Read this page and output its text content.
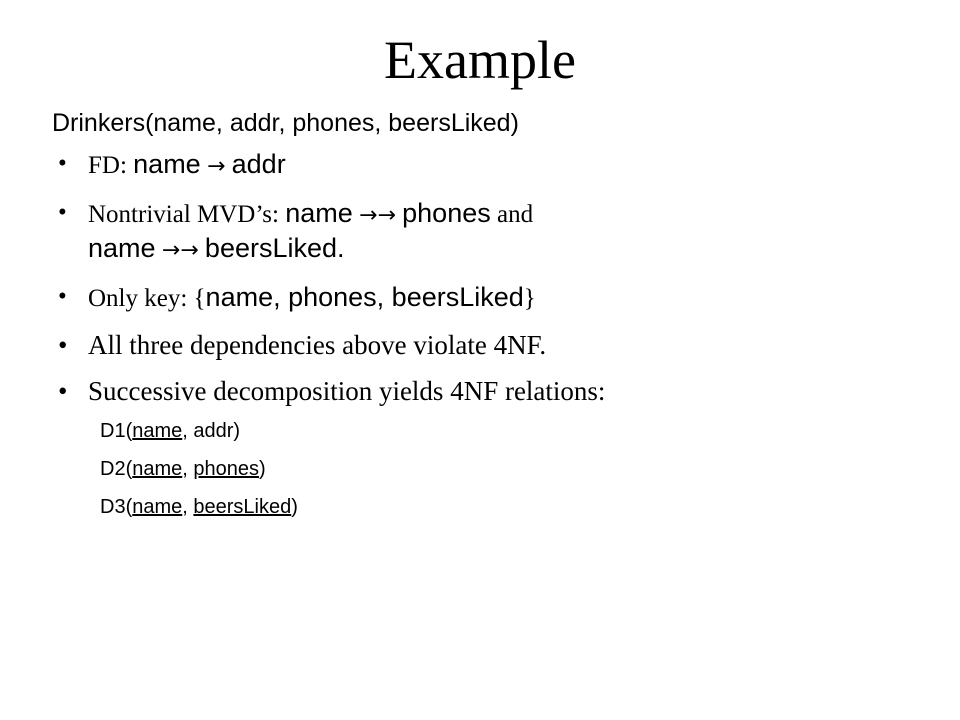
Example
Drinkers(name, addr, phones, beersLiked)
• FD: name → addr
• Nontrivial MVD’s: name →→ phones and
name →→ beersLiked.
• Only key: {name, phones, beersLiked}
• All three dependencies above violate 4NF.
• Successive decomposition yields 4NF relations:
D1(name, addr)
D2(name, phones)
D3(name, beersLiked)
